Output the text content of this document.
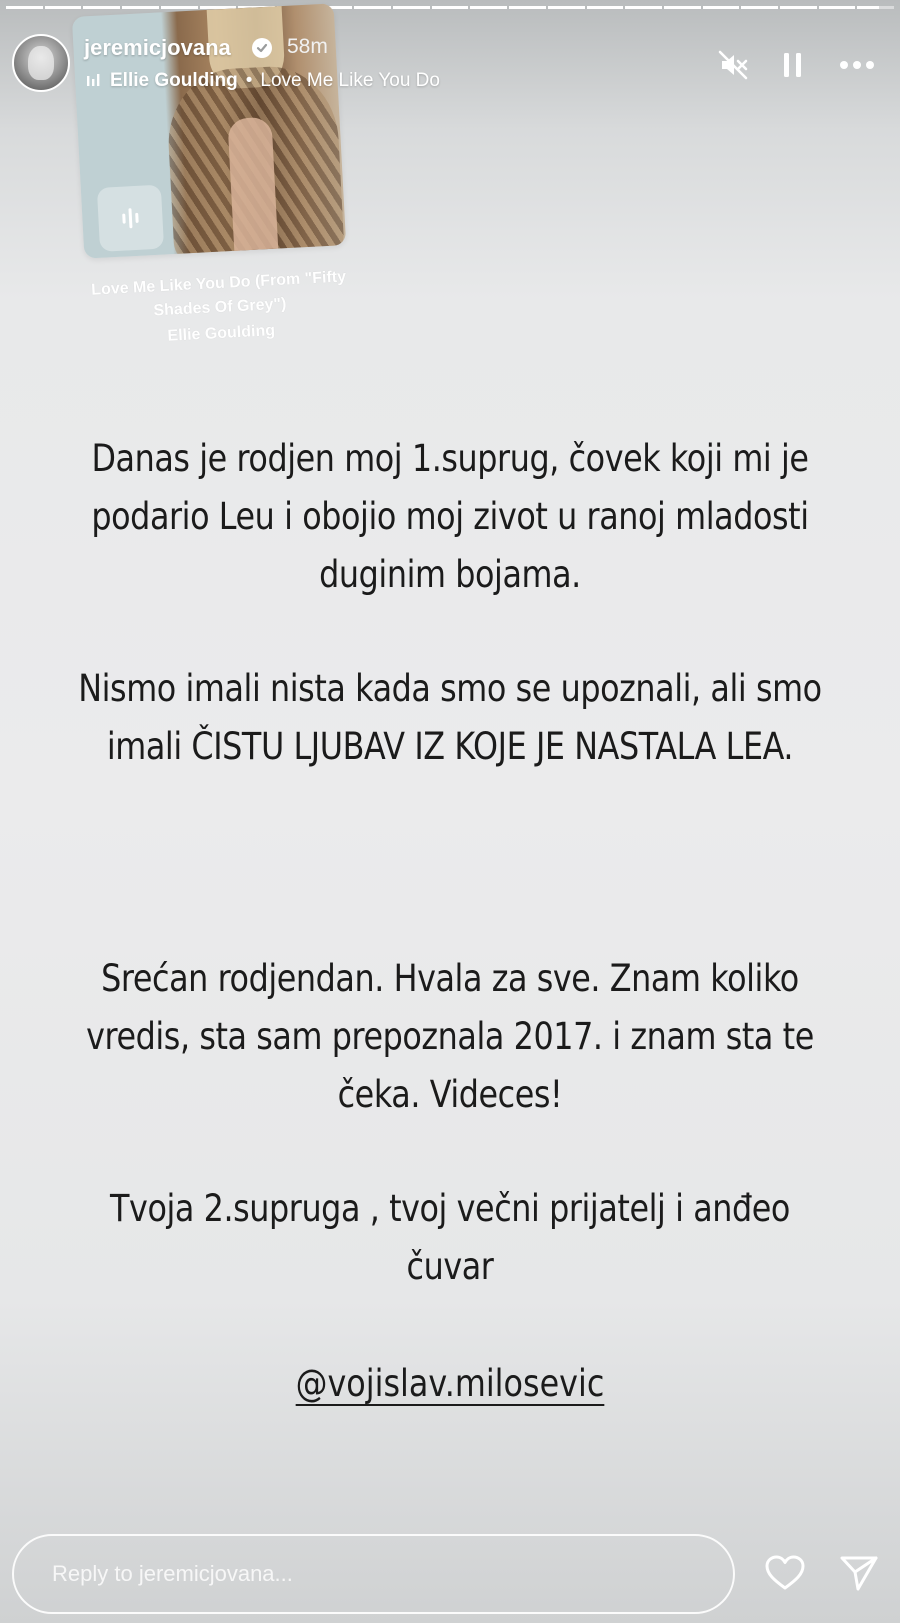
Love Me Like You Do (From "Fifty Shades Of Grey")
Ellie Goulding
jeremicjovana	58m
Ellie Goulding • Love Me Like You Do

Danas je rodjen moj 1.suprug, čovek koji mi je podario Leu i obojio moj zivot u ranoj mladosti duginim bojama.

Nismo imali nista kada smo se upoznali, ali smo imali ČISTU LJUBAV IZ KOJE JE NASTALA LEA.

Srećan rodjendan. Hvala za sve. Znam koliko vredis, sta sam prepoznala 2017. i znam sta te čeka. Videces!

Tvoja 2.supruga , tvoj večni prijatelj i anđeo čuvar

@vojislav.milosevic
Reply to jeremicjovana...
